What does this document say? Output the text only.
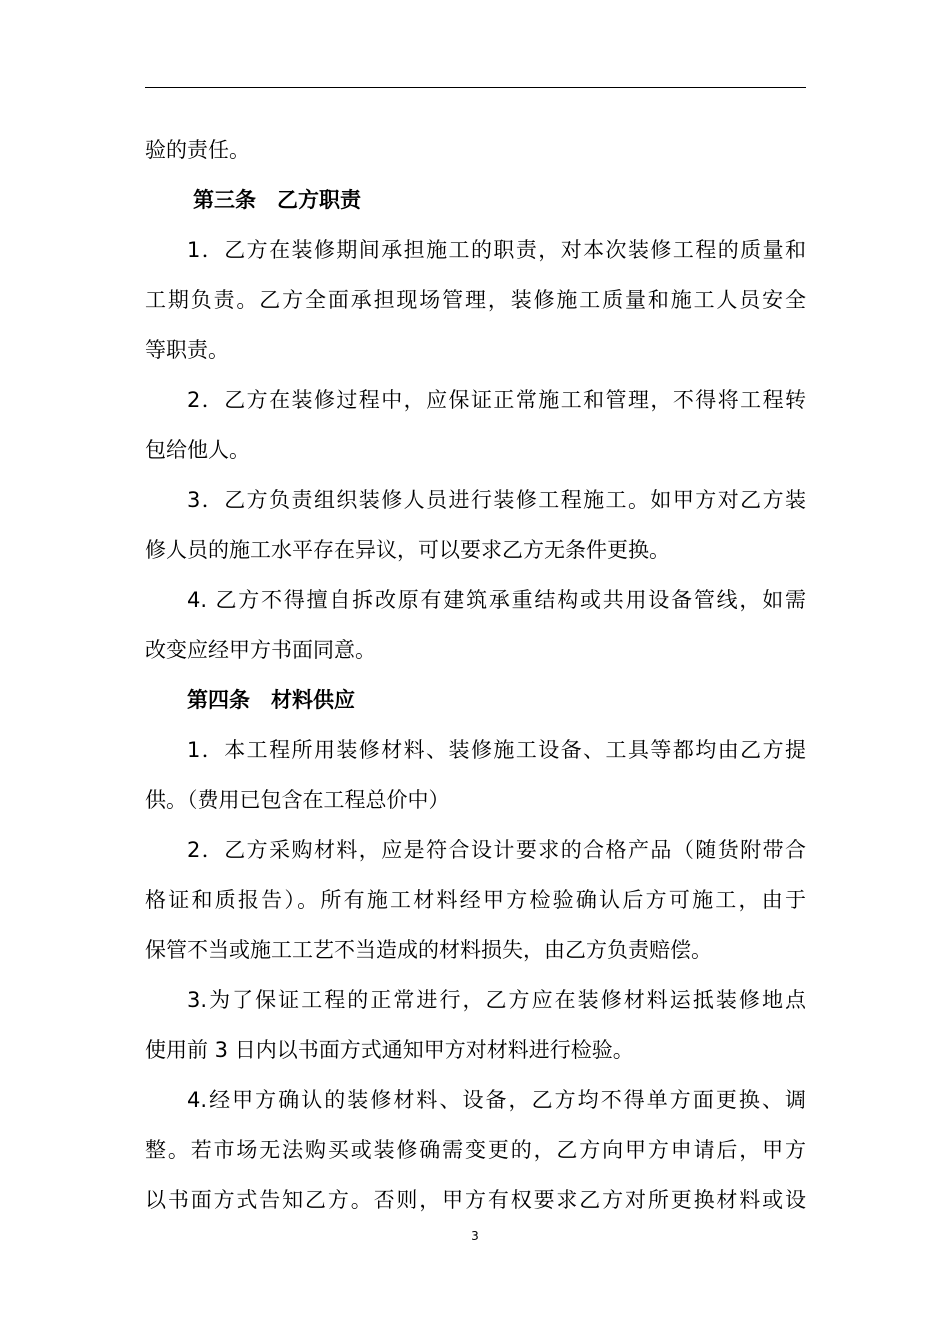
验的责任。
第三条　乙方职责
1．乙方在装修期间承担施工的职责，对本次装修工程的质量和
工期负责。乙方全面承担现场管理，装修施工质量和施工人员安全
等职责。
2．乙方在装修过程中，应保证正常施工和管理，不得将工程转
包给他人。
3．乙方负责组织装修人员进行装修工程施工。如甲方对乙方装
修人员的施工水平存在异议，可以要求乙方无条件更换。
4. 乙方不得擅自拆改原有建筑承重结构或共用设备管线，如需
改变应经甲方书面同意。
第四条　材料供应
1．本工程所用装修材料、装修施工设备、工具等都均由乙方提
供。（费用已包含在工程总价中）
2．乙方采购材料，应是符合设计要求的合格产品（随货附带合
格证和质报告）。所有施工材料经甲方检验确认后方可施工，由于
保管不当或施工工艺不当造成的材料损失，由乙方负责赔偿。
3.为了保证工程的正常进行，乙方应在装修材料运抵装修地点
使用前 3 日内以书面方式通知甲方对材料进行检验。
4.经甲方确认的装修材料、设备，乙方均不得单方面更换、调
整。若市场无法购买或装修确需变更的，乙方向甲方申请后，甲方
以书面方式告知乙方。否则，甲方有权要求乙方对所更换材料或设
3
